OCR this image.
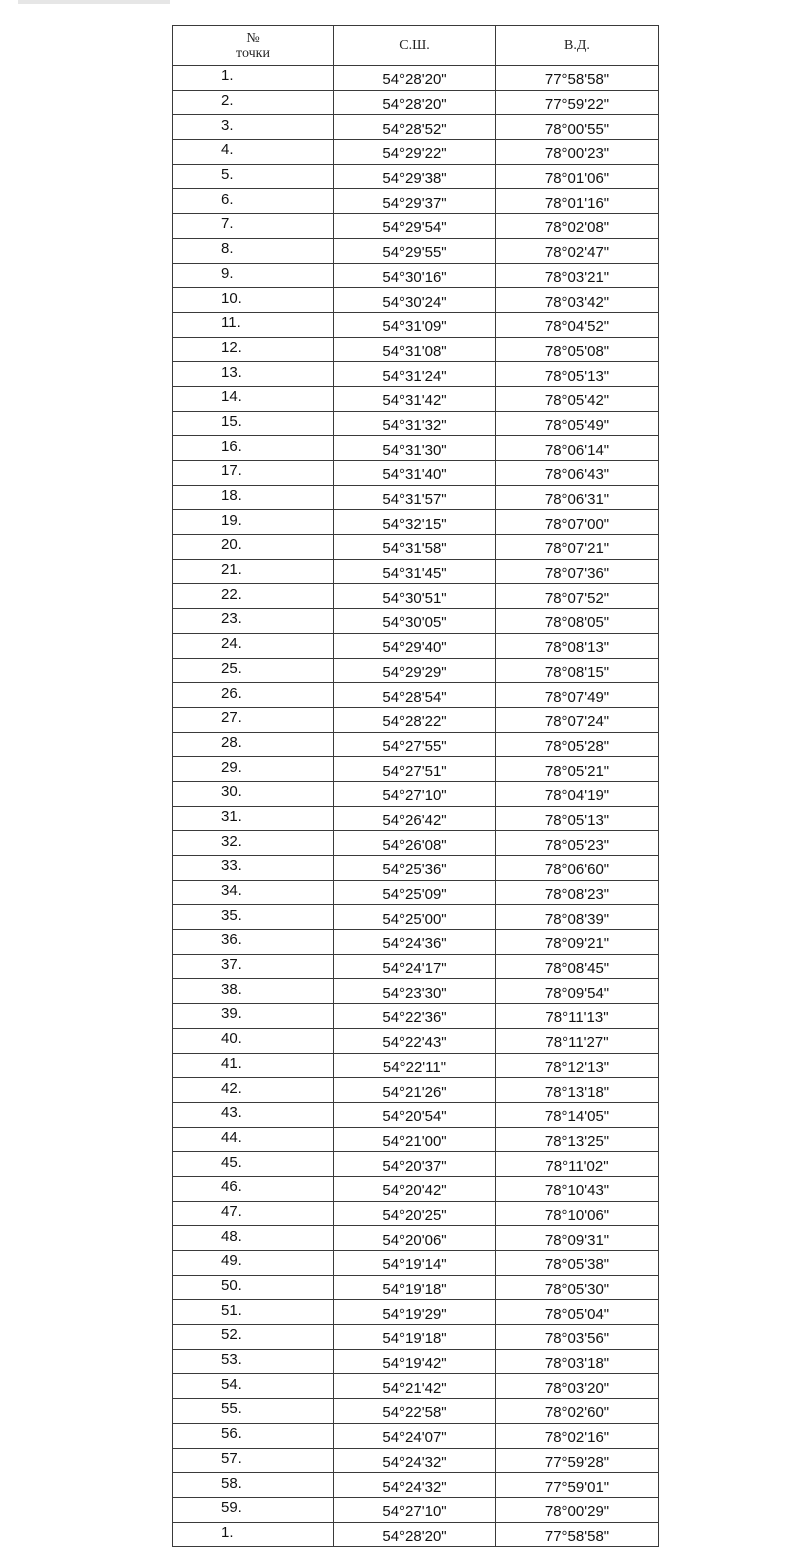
№
точки	С.Ш.	В.Д.
1.	54°28'20"	77°58'58"
2.	54°28'20"	77°59'22"
3.	54°28'52"	78°00'55"
4.	54°29'22"	78°00'23"
5.	54°29'38"	78°01'06"
6.	54°29'37"	78°01'16"
7.	54°29'54"	78°02'08"
8.	54°29'55"	78°02'47"
9.	54°30'16"	78°03'21"
10.	54°30'24"	78°03'42"
11.	54°31'09"	78°04'52"
12.	54°31'08"	78°05'08"
13.	54°31'24"	78°05'13"
14.	54°31'42"	78°05'42"
15.	54°31'32"	78°05'49"
16.	54°31'30"	78°06'14"
17.	54°31'40"	78°06'43"
18.	54°31'57"	78°06'31"
19.	54°32'15"	78°07'00"
20.	54°31'58"	78°07'21"
21.	54°31'45"	78°07'36"
22.	54°30'51"	78°07'52"
23.	54°30'05"	78°08'05"
24.	54°29'40"	78°08'13"
25.	54°29'29"	78°08'15"
26.	54°28'54"	78°07'49"
27.	54°28'22"	78°07'24"
28.	54°27'55"	78°05'28"
29.	54°27'51"	78°05'21"
30.	54°27'10"	78°04'19"
31.	54°26'42"	78°05'13"
32.	54°26'08"	78°05'23"
33.	54°25'36"	78°06'60"
34.	54°25'09"	78°08'23"
35.	54°25'00"	78°08'39"
36.	54°24'36"	78°09'21"
37.	54°24'17"	78°08'45"
38.	54°23'30"	78°09'54"
39.	54°22'36"	78°11'13"
40.	54°22'43"	78°11'27"
41.	54°22'11"	78°12'13"
42.	54°21'26"	78°13'18"
43.	54°20'54"	78°14'05"
44.	54°21'00"	78°13'25"
45.	54°20'37"	78°11'02"
46.	54°20'42"	78°10'43"
47.	54°20'25"	78°10'06"
48.	54°20'06"	78°09'31"
49.	54°19'14"	78°05'38"
50.	54°19'18"	78°05'30"
51.	54°19'29"	78°05'04"
52.	54°19'18"	78°03'56"
53.	54°19'42"	78°03'18"
54.	54°21'42"	78°03'20"
55.	54°22'58"	78°02'60"
56.	54°24'07"	78°02'16"
57.	54°24'32"	77°59'28"
58.	54°24'32"	77°59'01"
59.	54°27'10"	78°00'29"
1.	54°28'20"	77°58'58"
